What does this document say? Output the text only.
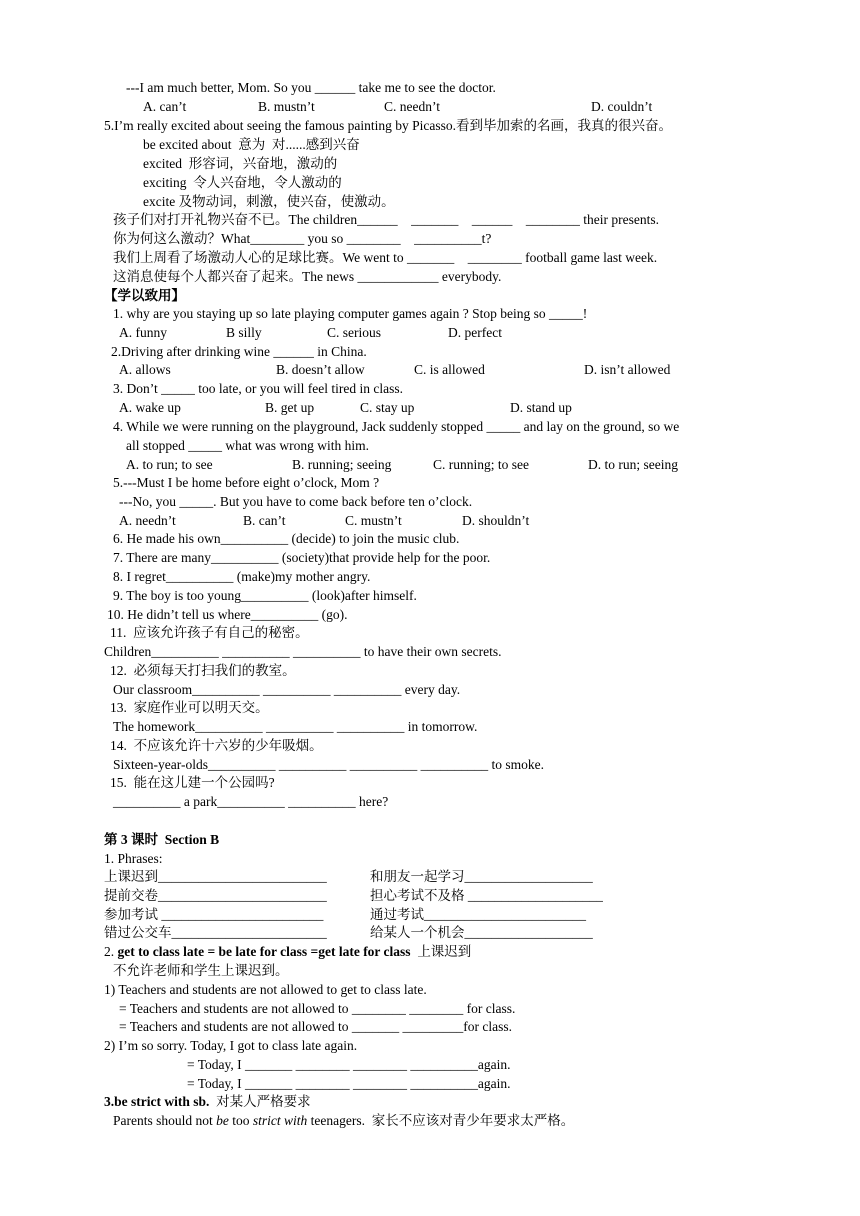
---I am much better, Mom. So you ______ take me to see the doctor.
A. can’t	B. mustn’t	C. needn’t	D. couldn’t
5.I’m really excited about seeing the famous painting by Picasso.看到毕加索的名画，我真的很兴奋。
be excited about  意为  对......感到兴奋
excited  形容词，兴奋地，激动的
exciting  令人兴奋地，令人激动的
excite 及物动词，刺激，使兴奋，使激动。
孩子们对打开礼物兴奋不已。The children______    _______    ______    ________ their presents.
你为何这么激动？What________ you so ________    __________t?
我们上周看了场激动人心的足球比赛。We went to _______    ________ football game last week.
这消息使每个人都兴奋了起来。The news ____________ everybody.
【学以致用】
1. why are you staying up so late playing computer games again ? Stop being so _____!
A. funny	B silly	C. serious	D. perfect
2.Driving after drinking wine ______ in China.
A. allows	B. doesn’t allow	C. is allowed	D. isn’t allowed
3. Don’t _____ too late, or you will feel tired in class.
A. wake up	B. get up	C. stay up	D. stand up
4. While we were running on the playground, Jack suddenly stopped _____ and lay on the ground, so we
all stopped _____ what was wrong with him.
A. to run; to see	B. running; seeing	C. running; to see	D. to run; seeing
5.---Must I be home before eight o’clock, Mom ?
---No, you _____. But you have to come back before ten o’clock.
A. needn’t	B. can’t	C. mustn’t	D. shouldn’t
6. He made his own__________ (decide) to join the music club.
7. There are many__________ (society)that provide help for the poor.
8. I regret__________ (make)my mother angry.
9. The boy is too young__________ (look)after himself.
10. He didn’t tell us where__________ (go).
11.  应该允许孩子有自己的秘密。
Children__________ __________ __________ to have their own secrets.
12.  必须每天打扫我们的教室。
Our classroom__________ __________ __________ every day.
13.  家庭作业可以明天交。
The homework__________ __________ __________ in tomorrow.
14.  不应该允许十六岁的少年吸烟。
Sixteen-year-olds__________ __________ __________ __________ to smoke.
15.  能在这儿建一个公园吗?
__________ a park__________ __________ here?
第 3 课时  Section B
1. Phrases:
上课迟到_________________________	和朋友一起学习___________________
提前交卷_________________________	担心考试不及格 ____________________
参加考试 ________________________	通过考试________________________
错过公交车_______________________	给某人一个机会___________________
2. get to class late = be late for class =get late for class  上课迟到
不允许老师和学生上课迟到。
1) Teachers and students are not allowed to get to class late.
= Teachers and students are not allowed to ________ ________ for class.
= Teachers and students are not allowed to _______ _________for class.
2) I’m so sorry. Today, I got to class late again.
= Today, I _______ ________ ________ __________again.
= Today, I _______ ________ ________ __________again.
3.be strict with sb.  对某人严格要求
Parents should not be too strict with teenagers.  家长不应该对青少年要求太严格。
